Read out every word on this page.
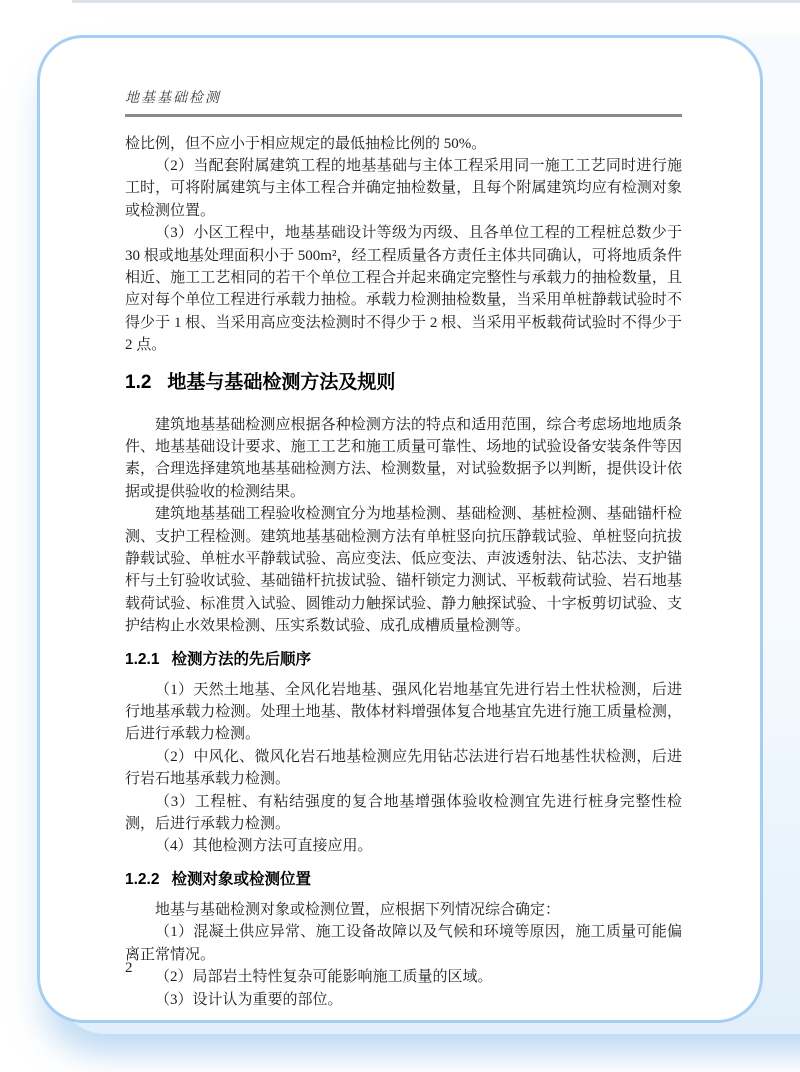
地基基础检测

检比例，但不应小于相应规定的最低抽检比例的 50%。

（2）当配套附属建筑工程的地基基础与主体工程采用同一施工工艺同时进行施工时，可将附属建筑与主体工程合并确定抽检数量，且每个附属建筑均应有检测对象或检测位置。

（3）小区工程中，地基基础设计等级为丙级、且各单位工程的工程桩总数少于 30 根或地基处理面积小于 500m²，经工程质量各方责任主体共同确认，可将地质条件相近、施工工艺相同的若干个单位工程合并起来确定完整性与承载力的抽检数量，且应对每个单位工程进行承载力抽检。承载力检测抽检数量，当采用单桩静载试验时不得少于 1 根、当采用高应变法检测时不得少于 2 根、当采用平板载荷试验时不得少于 2 点。

1.2 地基与基础检测方法及规则

建筑地基基础检测应根据各种检测方法的特点和适用范围，综合考虑场地地质条件、地基基础设计要求、施工工艺和施工质量可靠性、场地的试验设备安装条件等因素，合理选择建筑地基基础检测方法、检测数量，对试验数据予以判断，提供设计依据或提供验收的检测结果。

建筑地基基础工程验收检测宜分为地基检测、基础检测、基桩检测、基础锚杆检测、支护工程检测。建筑地基基础检测方法有单桩竖向抗压静载试验、单桩竖向抗拔静载试验、单桩水平静载试验、高应变法、低应变法、声波透射法、钻芯法、支护锚杆与土钉验收试验、基础锚杆抗拔试验、锚杆锁定力测试、平板载荷试验、岩石地基载荷试验、标准贯入试验、圆锥动力触探试验、静力触探试验、十字板剪切试验、支护结构止水效果检测、压实系数试验、成孔成槽质量检测等。

1.2.1 检测方法的先后顺序

（1）天然土地基、全风化岩地基、强风化岩地基宜先进行岩土性状检测，后进行地基承载力检测。处理土地基、散体材料增强体复合地基宜先进行施工质量检测，后进行承载力检测。

（2）中风化、微风化岩石地基检测应先用钻芯法进行岩石地基性状检测，后进行岩石地基承载力检测。

（3）工程桩、有粘结强度的复合地基增强体验收检测宜先进行桩身完整性检测，后进行承载力检测。

（4）其他检测方法可直接应用。

1.2.2 检测对象或检测位置

地基与基础检测对象或检测位置，应根据下列情况综合确定：

（1）混凝土供应异常、施工设备故障以及气候和环境等原因，施工质量可能偏离正常情况。

（2）局部岩土特性复杂可能影响施工质量的区域。

（3）设计认为重要的部位。

2
